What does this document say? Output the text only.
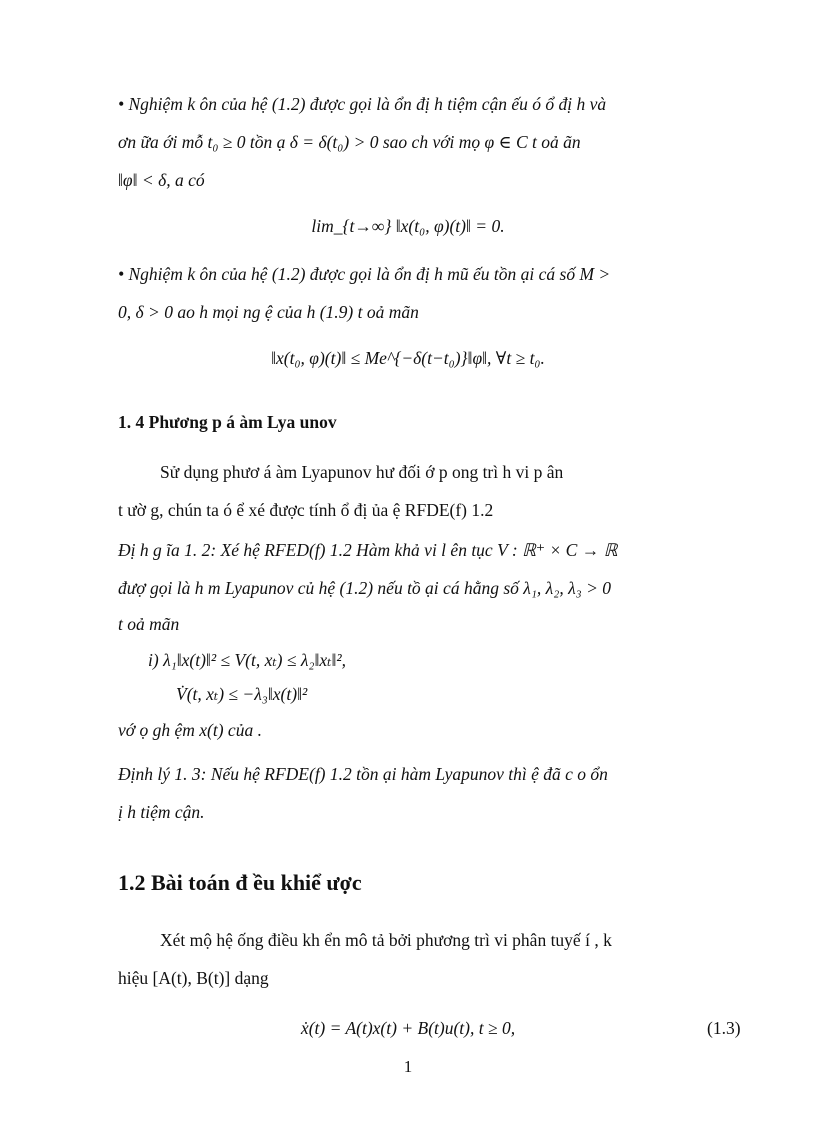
• Nghiệm k ôn của hệ (1.2) được gọi là ổn đị h tiệm cận ếu ó ổ đị h và
ơn ữa ới mỗ t₀ ≥ 0 tồn ạ δ = δ(t₀) > 0 sao ch với mọ φ ∈ C t oả ãn
‖φ‖ < δ, a có
lim_{t→∞} ‖x(t₀, φ)(t)‖ = 0.
• Nghiệm k ôn của hệ (1.2) được gọi là ổn đị h mũ ếu tồn ại cá số M >
0, δ > 0 ao h mọi ng ệ của h (1.9) t oả mãn
‖x(t₀, φ)(t)‖ ≤ Me^{−δ(t−t₀)}‖φ‖, ∀t ≥ t₀.
1. 4 Phương p á àm Lya unov
Sử dụng phươ á àm Lyapunov hư đối ớ p ong trì h vi p ân
t ườ g, chún ta ó ể xé được tính ổ đị ủa ệ RFDE(f) 1.2
Đị h g ĩa 1. 2: Xé hệ RFED(f) 1.2 Hàm khả vi l ên tục V : ℝ⁺ × C → ℝ
đượ gọi là h m Lyapunov củ hệ (1.2) nếu tồ ại cá hằng số λ₁, λ₂, λ₃ > 0
t oả mãn
i) λ₁‖x(t)‖² ≤ V(t, xₜ) ≤ λ₂‖xₜ‖²,
V̇(t, xₜ) ≤ −λ₃‖x(t)‖²
vớ ọ gh ệm x(t) của .
Định lý 1. 3: Nếu hệ RFDE(f) 1.2 tồn ại hàm Lyapunov thì ệ đã c o ổn
ị h tiệm cận.
1.2 Bài toán đ ều khiể ược
Xét mộ hệ ống điều kh ển mô tả bởi phương trì vi phân tuyế í , k
hiệu [A(t), B(t)] dạng
ẋ(t) = A(t)x(t) + B(t)u(t), t ≥ 0,	(1.3)
1
